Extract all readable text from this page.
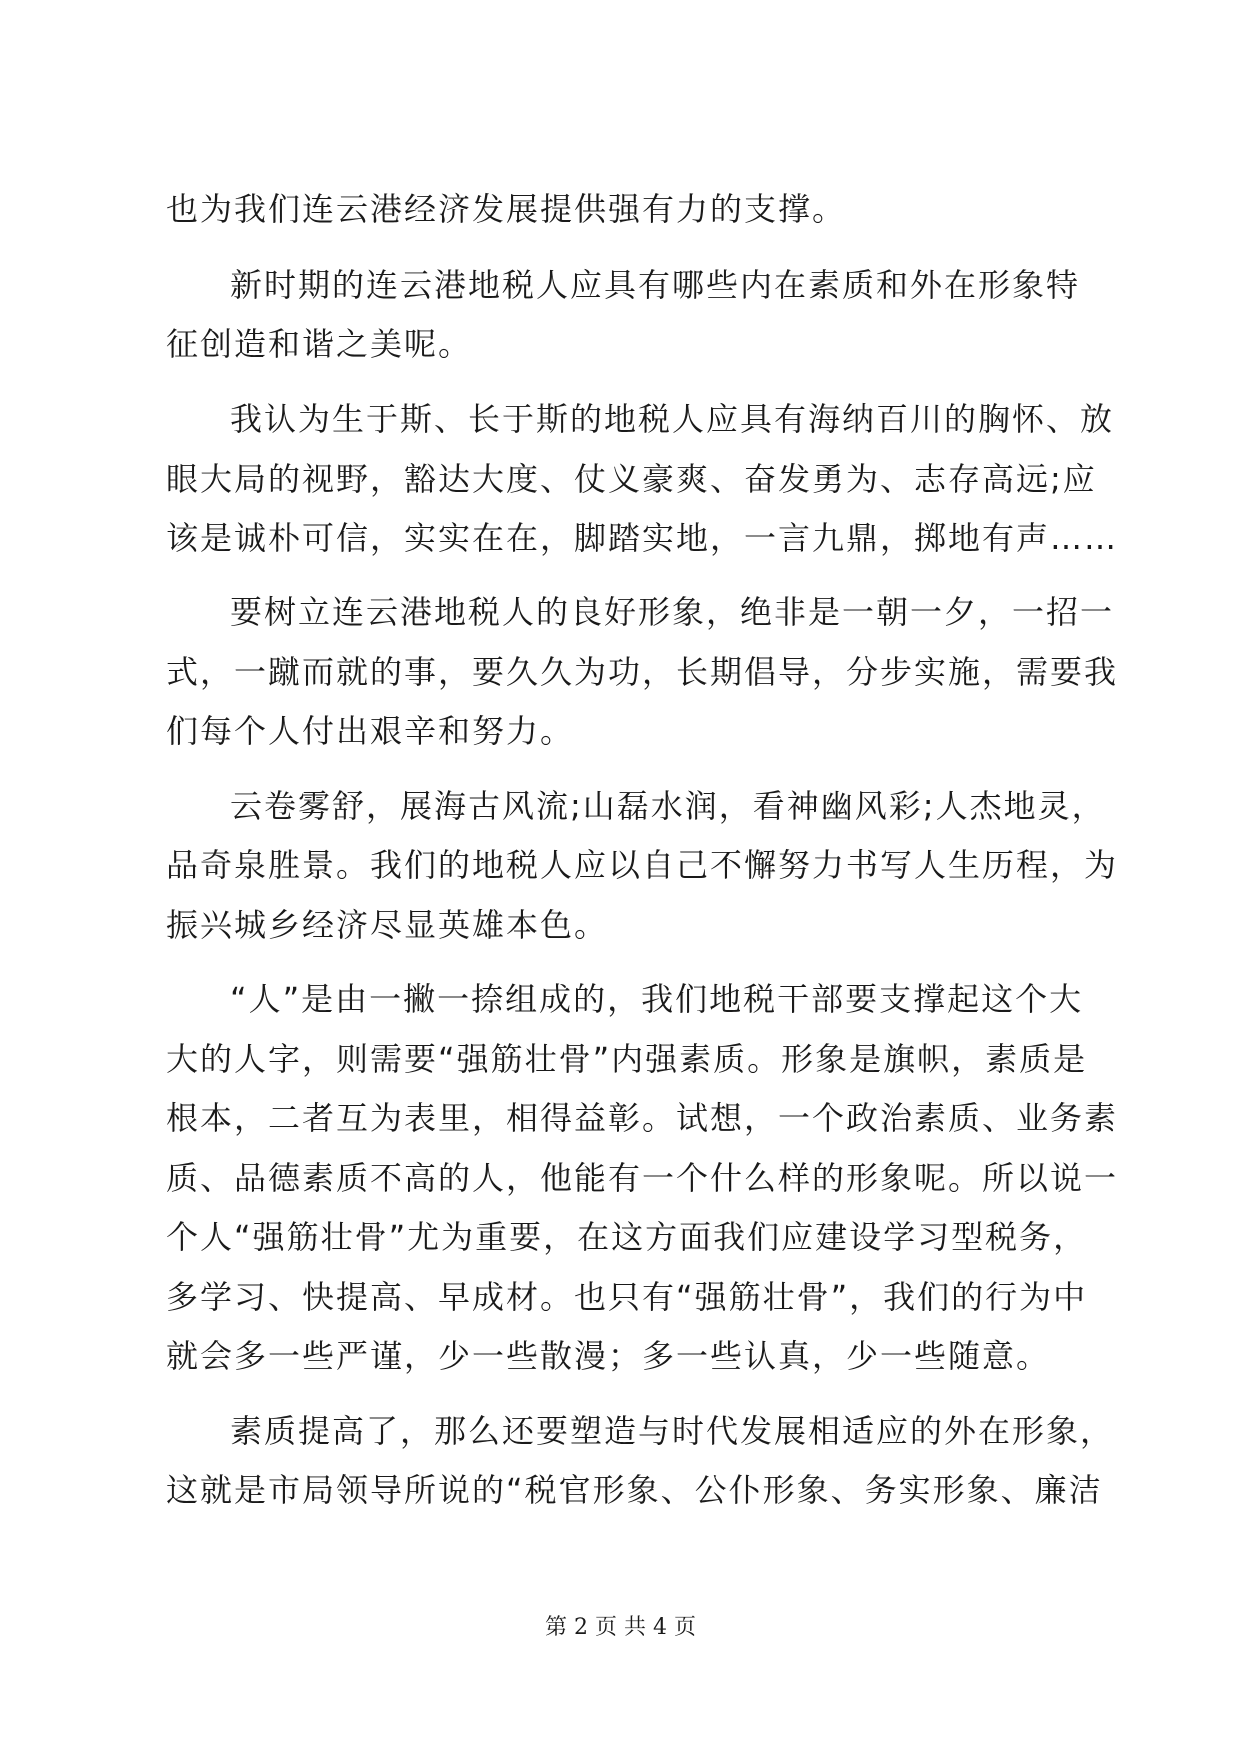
也为我们连云港经济发展提供强有力的支撑。
新时期的连云港地税人应具有哪些内在素质和外在形象特
征创造和谐之美呢。
我认为生于斯、长于斯的地税人应具有海纳百川的胸怀、放
眼大局的视野，豁达大度、仗义豪爽、奋发勇为、志存高远;应
该是诚朴可信，实实在在，脚踏实地，一言九鼎，掷地有声……
要树立连云港地税人的良好形象，绝非是一朝一夕，一招一
式，一蹴而就的事，要久久为功，长期倡导，分步实施，需要我
们每个人付出艰辛和努力。
云卷雾舒，展海古风流;山磊水润，看神幽风彩;人杰地灵，
品奇泉胜景。我们的地税人应以自己不懈努力书写人生历程，为
振兴城乡经济尽显英雄本色。
“人”是由一撇一捺组成的，我们地税干部要支撑起这个大
大的人字，则需要“强筋壮骨”内强素质。形象是旗帜，素质是
根本，二者互为表里，相得益彰。试想，一个政治素质、业务素
质、品德素质不高的人，他能有一个什么样的形象呢。所以说一
个人“强筋壮骨”尤为重要，在这方面我们应建设学习型税务，
多学习、快提高、早成材。也只有“强筋壮骨”，我们的行为中
就会多一些严谨，少一些散漫；多一些认真，少一些随意。
素质提高了，那么还要塑造与时代发展相适应的外在形象，
这就是市局领导所说的“税官形象、公仆形象、务实形象、廉洁
第 2 页 共 4 页
